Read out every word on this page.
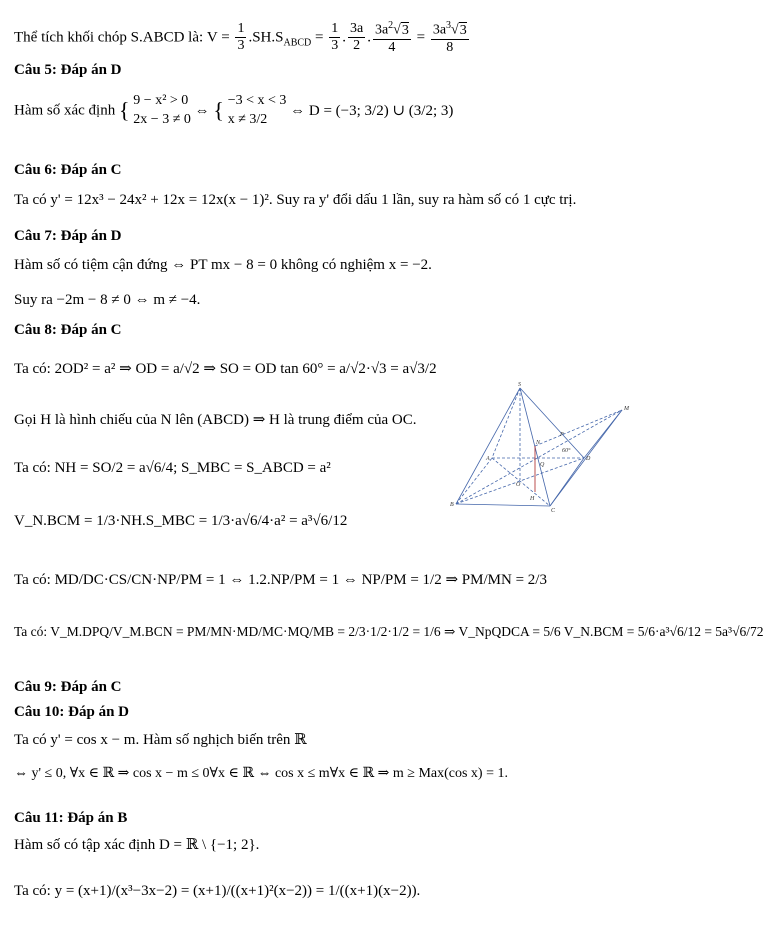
Thể tích khối chóp S.ABCD là: $V = \frac{1}{3} .SH.S_{ABCD} = \frac{1}{3}$ . $\frac{3a}{2}$ . $\frac{3a^2√3}{4} = \frac{3a^3√3}{8}$
Câu 5: Đáp án D
Hàm số xác định { 9 − x² > 0
2x − 3 ≠ 0
⇔ { −3 < x < 3
x ≠ 3/2
⇔ D = (−3; 3/2) ∪ (3/2; 3)
Câu 6: Đáp án C
Ta có y' = 12x³ − 24x² + 12x = 12x(x − 1)². Suy ra y' đổi dấu 1 lần, suy ra hàm số có 1 cực trị.
Câu 7: Đáp án D
Hàm số có tiệm cận đứng ⇔ PT mx − 8 = 0 không có nghiệm x = −2.
Suy ra −2m − 8 ≠ 0 ⇔ m ≠ −4.
Câu 8: Đáp án C
Ta có: 2OD² = a² ⇒ OD = a/√2 ⇒ SO = OD tan 60° = a/√2·√3 = a√3/2
Gọi H là hình chiếu của N lên (ABCD) ⇒ H là trung điểm của OC.
Ta có: NH = SO/2 = a√6/4; S_MBC = S_ABCD = a²
V_N.BCM = 1/3·NH.S_MBC = 1/3·a√6/4·a² = a³√6/12
Ta có: MD/DC·CS/CN·NP/PM = 1 ⇔ 1.2.NP/PM = 1 ⇔ NP/PM = 1/2 ⇒ PM/MN = 2/3
Ta có: V_M.DPQ/V_M.BCN = PM/MN·MD/MC·MQ/MB = 2/3·1/2·1/2 = 1/6 ⇒ V_NpQDCA = 5/6 V_N.BCM = 5/6·a³√6/12 = 5a³√6/72
Câu 9: Đáp án C
Câu 10: Đáp án D
Ta có y' = cos x − m. Hàm số nghịch biến trên ℝ
⇔ y' ≤ 0, ∀x ∈ ℝ ⇒ cos x − m ≤ 0∀x ∈ ℝ ⇔ cos x ≤ m∀x ∈ ℝ ⇒ m ≥ Max(cos x) = 1.
Câu 11: Đáp án B
Hàm số có tập xác định D = ℝ \ {−1; 2}.
Ta có: y = (x+1)/(x³−3x−2) = (x+1)/((x+1)²(x−2)) = 1/((x+1)(x−2)).
S
M
N
P
Q
A
B
C
D
O
H
60°
